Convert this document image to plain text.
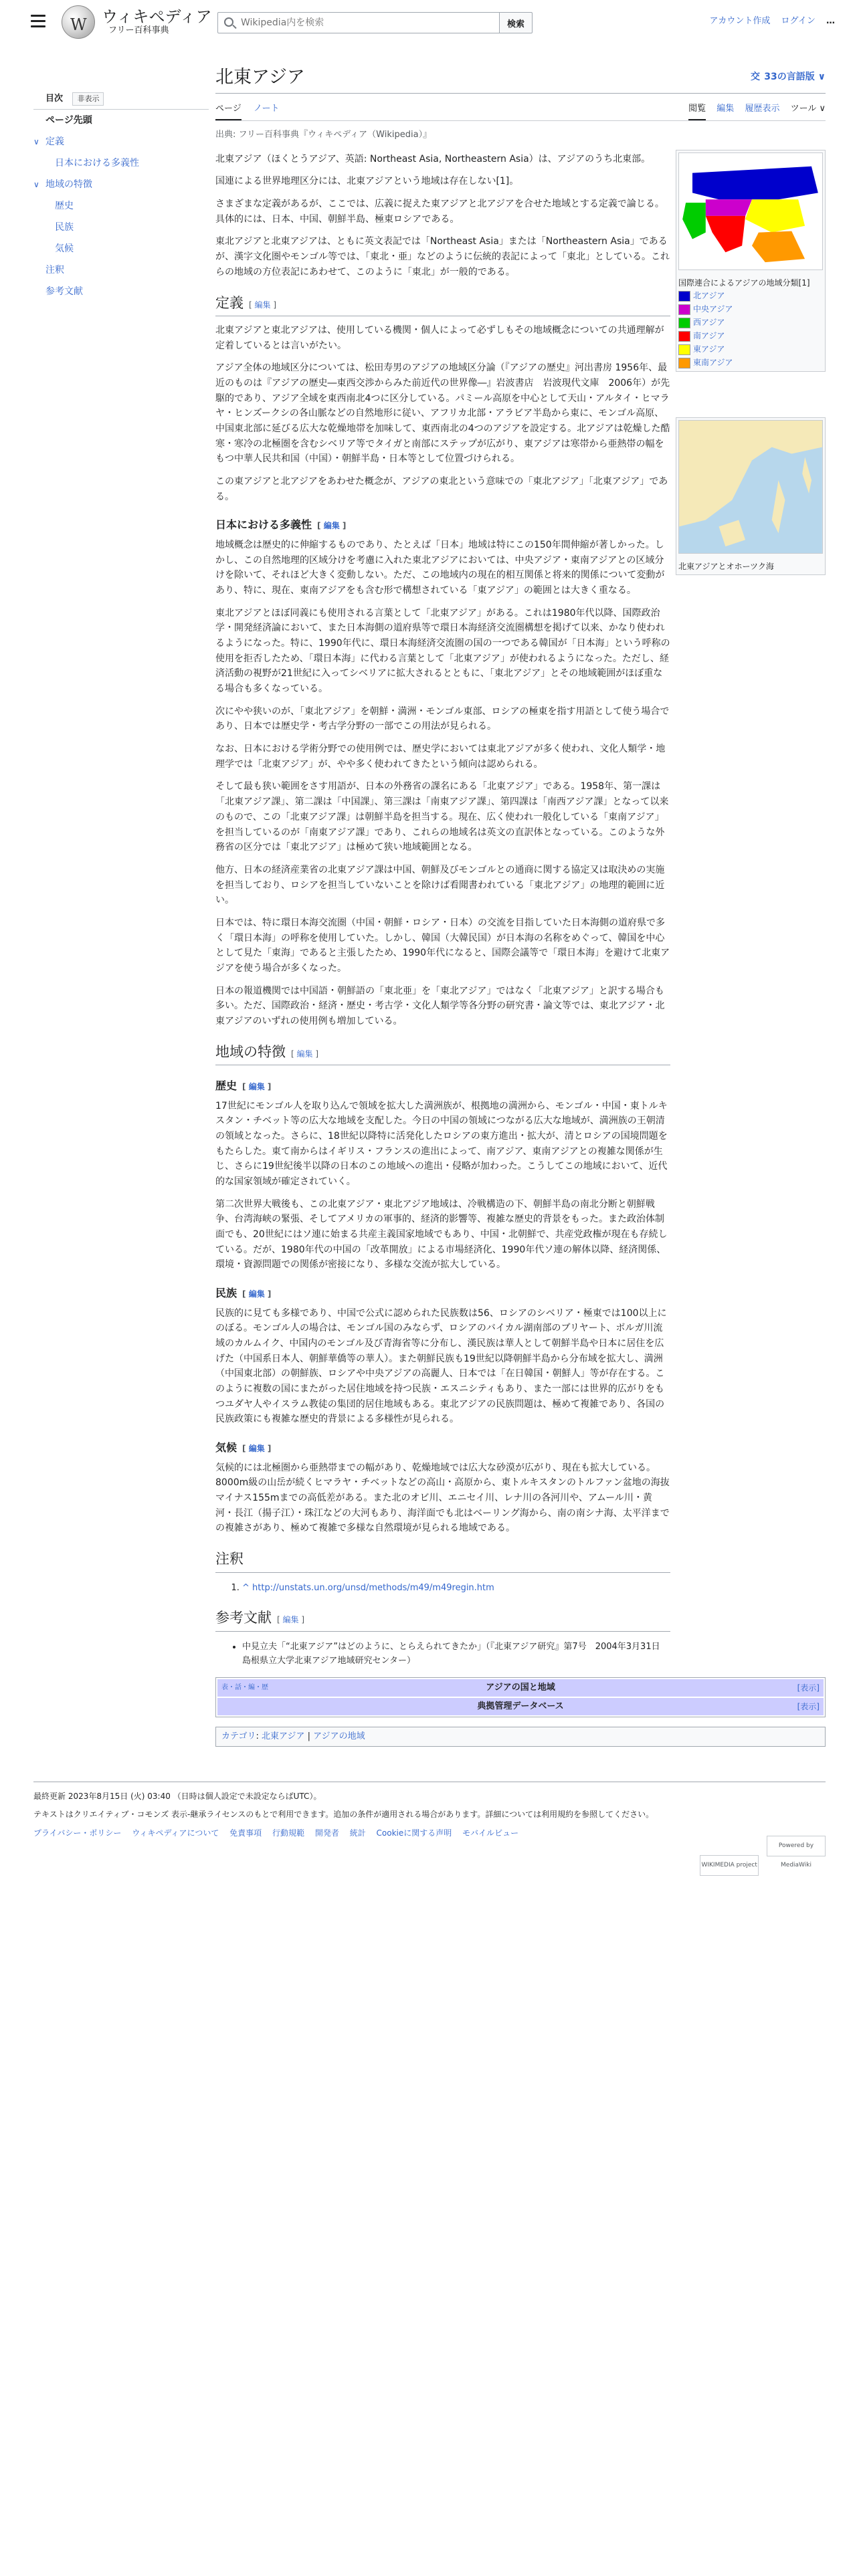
W
ウィキペディア
フリー百科事典
Wikipedia内を検索
検索	アカウント作成 ログイン …
目次 非表示
ページ先頭
∨ 定義
日本における多義性
∨ 地域の特徴
歴史
民族
気候
注釈
参考文献
北東アジア	交  33の言語版 ∨
ページ ノート	閲覧 編集 履歴表示 ツール ∨
出典: フリー百科事典『ウィキペディア（Wikipedia）』
国際連合によるアジアの地域分類[1]
北アジア
中央アジア
西アジア
南アジア
東アジア
東南アジア
北東アジアとオホーツク海

北東アジア（ほくとうアジア、英語: Northeast Asia, Northeastern Asia）は、アジアのうち北東部。

国連による世界地理区分には、北東アジアという地域は存在しない[1]。

さまざまな定義があるが、ここでは、広義に捉えた東アジアと北アジアを合せた地域とする定義で論じる。具体的には、日本、中国、朝鮮半島、極東ロシアである。

東北アジアと北東アジアは、ともに英文表記では「Northeast Asia」または「Northeastern Asia」であるが、漢字文化圏やモンゴル等では、「東北・亜」などのように伝統的表記によって「東北」としている。これらの地域の方位表記にあわせて、このように「東北」が一般的である。

定義 [ 編集 ]

北東アジアと東北アジアは、使用している機関・個人によって必ずしもその地域概念についての共通理解が定着しているとは言いがたい。

アジア全体の地域区分については、松田寿男のアジアの地域区分論（『アジアの歴史』河出書房 1956年、最近のものは『アジアの歴史―東西交渉からみた前近代の世界像―』岩波書店　岩波現代文庫　2006年）が先駆的であり、アジア全域を東西南北4つに区分している。パミール高原を中心として天山・アルタイ・ヒマラヤ・ヒンズークシの各山脈などの自然地形に従い、アフリカ北部・アラビア半島から東に、モンゴル高原、中国東北部に延びる広大な乾燥地帯を加味して、東西南北の4つのアジアを設定する。北アジアは乾燥した酷寒・寒冷の北極圏を含むシベリア等でタイガと南部にステップが広がり、東アジアは寒帯から亜熱帯の幅をもつ中華人民共和国（中国）・朝鮮半島・日本等として位置づけられる。

この東アジアと北アジアをあわせた概念が、アジアの東北という意味での「東北アジア」「北東アジア」である。

日本における多義性 [ 編集 ]

地域概念は歴史的に伸縮するものであり、たとえば「日本」地域は特にこの150年間伸縮が著しかった。しかし、この自然地理的区域分けを考慮に入れた東北アジアにおいては、中央アジア・東南アジアとの区域分けを除いて、それほど大きく変動しない。ただ、この地域内の現在的相互関係と将来的関係について変動があり、特に、現在、東南アジアをも含む形で構想されている「東アジア」の範囲とは大きく重なる。

東北アジアとほぼ同義にも使用される言葉として「北東アジア」がある。これは1980年代以降、国際政治学・開発経済論において、また日本海側の道府県等で環日本海経済交流圏構想を掲げて以来、かなり使われるようになった。特に、1990年代に、環日本海経済交流圏の国の一つである韓国が「日本海」という呼称の使用を拒否したため、「環日本海」に代わる言葉として「北東アジア」が使われるようになった。ただし、経済活動の視野が21世紀に入ってシベリアに拡大されるとともに、「東北アジア」とその地域範囲がほぼ重なる場合も多くなっている。

次にやや狭いのが、「東北アジア」を朝鮮・満洲・モンゴル東部、ロシアの極東を指す用語として使う場合であり、日本では歴史学・考古学分野の一部でこの用法が見られる。

なお、日本における学術分野での使用例では、歴史学においては東北アジアが多く使われ、文化人類学・地理学では「北東アジア」が、やや多く使われてきたという傾向は認められる。

そして最も狭い範囲をさす用語が、日本の外務省の課名にある「北東アジア」である。1958年、第一課は「北東アジア課」、第二課は「中国課」、第三課は「南東アジア課」、第四課は「南西アジア課」となって以来のもので、この「北東アジア課」は朝鮮半島を担当する。現在、広く使われ一般化している「東南アジア」を担当しているのが「南東アジア課」であり、これらの地域名は英文の直訳体となっている。このような外務省の区分では「東北アジア」は極めて狭い地域範囲となる。

他方、日本の経済産業省の北東アジア課は中国、朝鮮及びモンゴルとの通商に関する協定又は取決めの実施を担当しており、ロシアを担当していないことを除けば看聞書われている「東北アジア」の地理的範囲に近い。

日本では、特に環日本海交流圏（中国・朝鮮・ロシア・日本）の交流を目指していた日本海側の道府県で多く「環日本海」の呼称を使用していた。しかし、韓国（大韓民国）が日本海の名称をめぐって、韓国を中心として見た「東海」であると主張したため、1990年代になると、国際会議等で「環日本海」を避けて北東アジアを使う場合が多くなった。

日本の報道機関では中国語・朝鮮語の「東北亜」を「東北アジア」ではなく「北東アジア」と訳する場合も多い。ただ、国際政治・経済・歴史・考古学・文化人類学等各分野の研究書・論文等では、東北アジア・北東アジアのいずれの使用例も増加している。

地域の特徴 [ 編集 ]
歴史 [ 編集 ]

17世紀にモンゴル人を取り込んで領域を拡大した満洲族が、根拠地の満洲から、モンゴル・中国・東トルキスタン・チベット等の広大な地域を支配した。今日の中国の領域につながる広大な地域が、満洲族の王朝清の領域となった。さらに、18世紀以降特に活発化したロシアの東方進出・拡大が、清とロシアの国境問題をもたらした。東て南からはイギリス・フランスの進出によって、南アジア、東南アジアとの複雑な関係が生じ、さらに19世紀後半以降の日本のこの地域への進出・侵略が加わった。こうしてこの地域において、近代的な国家領域が確定されていく。

第二次世界大戦後も、この北東アジア・東北アジア地域は、冷戦構造の下、朝鮮半島の南北分断と朝鮮戦争、台湾海峡の緊張、そしてアメリカの軍事的、経済的影響等、複雑な歴史的背景をもった。また政治体制面でも、20世紀にはソ連に始まる共産主義国家地域でもあり、中国・北朝鮮で、共産党政権が現在も存続している。だが、1980年代の中国の「改革開放」による市場経済化、1990年代ソ連の解体以降、経済関係、環境・資源問題での関係が密接になり、多様な交流が拡大している。

民族 [ 編集 ]

民族的に見ても多様であり、中国で公式に認められた民族数は56、ロシアのシベリア・極東では100以上にのぼる。モンゴル人の場合は、モンゴル国のみならず、ロシアのバイカル湖南部のブリヤート、ボルガ川流域のカルムイク、中国内のモンゴル及び青海省等に分布し、漢民族は華人として朝鮮半島や日本に居住を広げた（中国系日本人、朝鮮華僑等の華人）。また朝鮮民族も19世紀以降朝鮮半島から分布域を拡大し、満洲（中国東北部）の朝鮮族、ロシアや中央アジアの高麗人、日本では「在日韓国・朝鮮人」等が存在する。このように複数の国にまたがった居住地域を持つ民族・エスニシティもあり、また一部には世界的広がりをもつユダヤ人やイスラム教徒の集団的居住地域もある。東北アジアの民族問題は、極めて複雑であり、各国の民族政策にも複雑な歴史的背景による多様性が見られる。

気候 [ 編集 ]

気候的には北極圏から亜熱帯までの幅があり、乾燥地域では広大な砂漠が広がり、現在も拡大している。8000m級の山岳が続くヒマラヤ・チベットなどの高山・高原から、東トルキスタンのトルファン盆地の海抜マイナス155mまでの高低差がある。また北のオビ川、エニセイ川、レナ川の各河川や、アムール川・黄河・長江（揚子江）・珠江などの大河もあり、海洋面でも北はベーリング海から、南の南シナ海、太平洋までの複雑さがあり、極めて複雑で多様な自然環境が見られる地域である。

注釈
1. ^ http://unstats.un.org/unsd/methods/m49/m49regin.htm
参考文献 [ 編集 ]
• 中見立夫「“北東アジア”はどのように、とらえられてきたか」（『北東アジア研究』第7号　2004年3月31日　島根県立大学北東アジア地域研究センター）
表・話・編・歴	アジアの国と地域	[表示]
典拠管理データベース	[表示]
カテゴリ: 北東アジア | アジアの地域

最終更新 2023年8月15日 (火) 03:40 （日時は個人設定で未設定ならばUTC）。

テキストはクリエイティブ・コモンズ 表示-継承ライセンスのもとで利用できます。追加の条件が適用される場合があります。詳細については利用規約を参照してください。

プライバシー・ポリシー ウィキペディアについて 免責事項 行動規範 開発者 統計 Cookieに関する声明 モバイルビュー
WIKIMEDIA project Powered by MediaWiki
